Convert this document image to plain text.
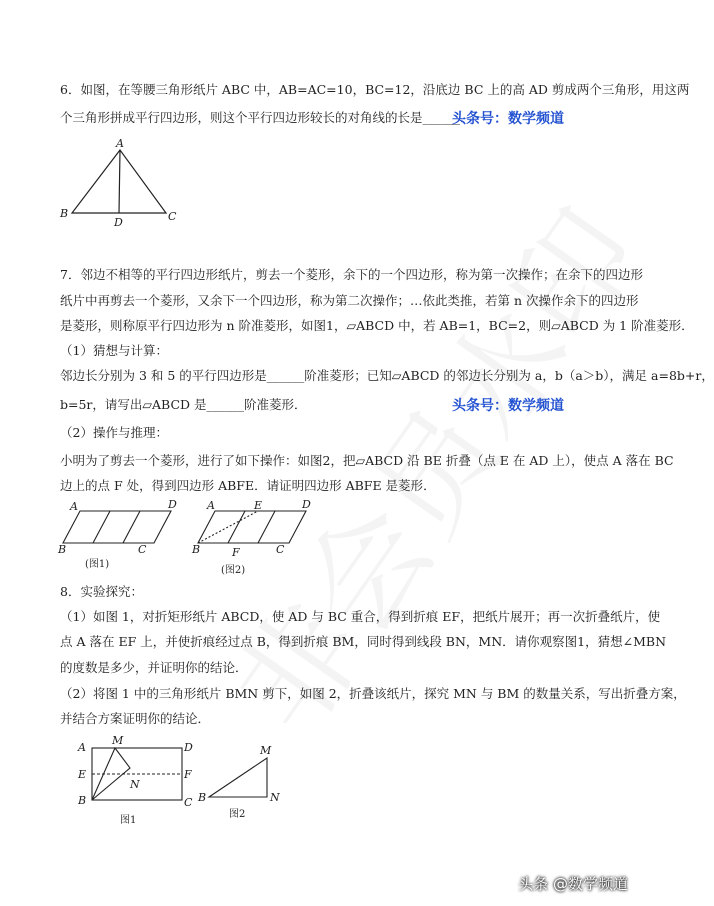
6．如图，在等腰三角形纸片 ABC 中，AB=AC=10，BC=12，沿底边 BC 上的高 AD 剪成两个三角形，用这两
个三角形拼成平行四边形，则这个平行四边形较长的对角线的长是______．
头条号：数学频道
A
B	C
D
7．邻边不相等的平行四边形纸片，剪去一个菱形，余下的一个四边形，称为第一次操作；在余下的四边形
纸片中再剪去一个菱形，又余下一个四边形，称为第二次操作；…依此类推，若第 n 次操作余下的四边形
是菱形，则称原平行四边形为 n 阶准菱形，如图1，▱ABCD 中，若 AB=1，BC=2，则▱ABCD 为 1 阶准菱形．
（1）猜想与计算：
邻边长分别为 3 和 5 的平行四边形是______阶准菱形；已知▱ABCD 的邻边长分别为 a，b（a＞b），满足 a=8b+r，
b=5r，请写出▱ABCD 是______阶准菱形．	头条号：数学频道
（2）操作与推理：
小明为了剪去一个菱形，进行了如下操作：如图2，把▱ABCD 沿 BE 折叠（点 E 在 AD 上），使点 A 落在 BC
边上的点 F 处，得到四边形 ABFE．请证明四边形 ABFE 是菱形．
A	D
B	C
(图1)
A	E	D
B	F	C
(图2)
8．实验探究：
（1）如图 1，对折矩形纸片 ABCD，使 AD 与 BC 重合，得到折痕 EF，把纸片展开；再一次折叠纸片，使
点 A 落在 EF 上，并使折痕经过点 B，得到折痕 BM，同时得到线段 BN，MN．请你观察图1，猜想∠MBN
的度数是多少，并证明你的结论．
（2）将图 1 中的三角形纸片 BMN 剪下，如图 2，折叠该纸片，探究 MN 与 BM 的数量关系，写出折叠方案，
并结合方案证明你的结论．
A
M
D
E	F
N
B	C
图1
M
B	N
图2
头条 @数学频道
